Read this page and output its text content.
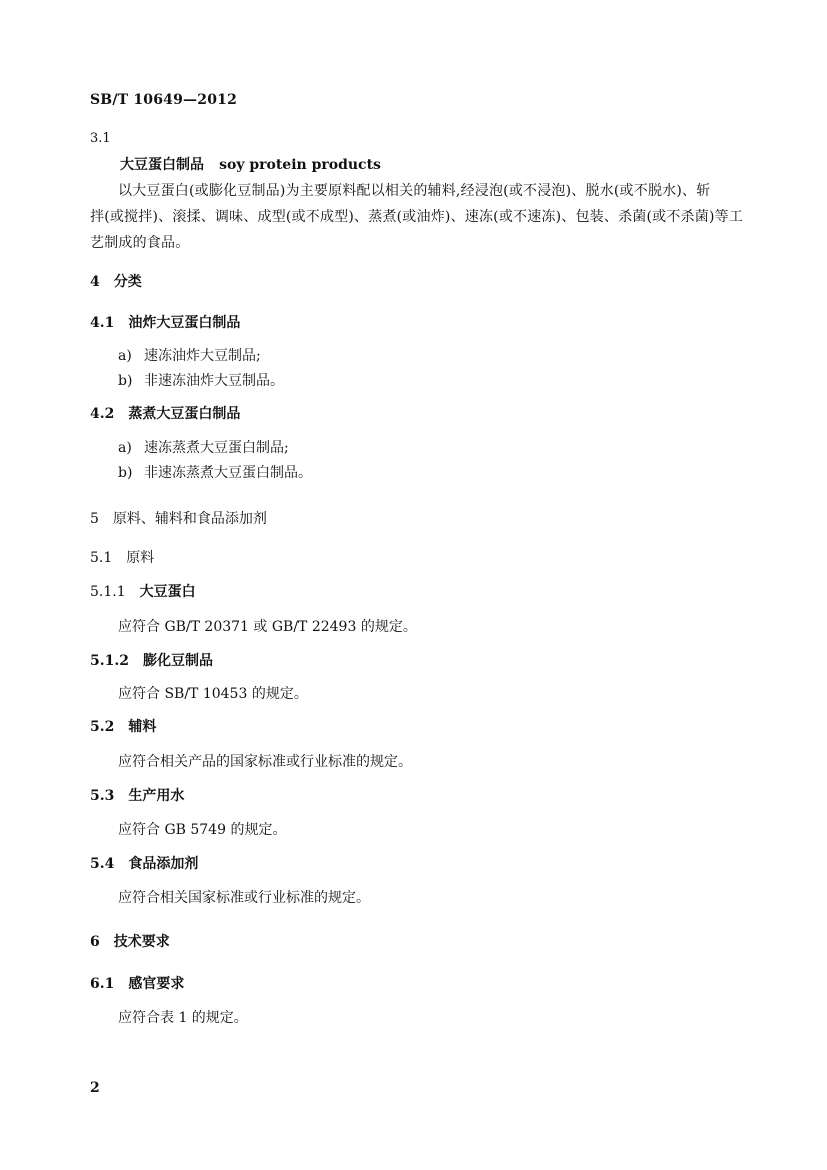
SB/T 10649—2012
3.1
大豆蛋白制品 soy protein products
以大豆蛋白(或膨化豆制品)为主要原料配以相关的辅料,经浸泡(或不浸泡)、脱水(或不脱水)、斩
拌(或搅拌)、滚揉、调味、成型(或不成型)、蒸煮(或油炸)、速冻(或不速冻)、包装、杀菌(或不杀菌)等工
艺制成的食品。
4 分类
4.1 油炸大豆蛋白制品
a) 速冻油炸大豆制品;
b) 非速冻油炸大豆制品。
4.2 蒸煮大豆蛋白制品
a) 速冻蒸煮大豆蛋白制品;
b) 非速冻蒸煮大豆蛋白制品。
5 原料、辅料和食品添加剂
5.1 原料
5.1.1 大豆蛋白
应符合 GB/T 20371 或 GB/T 22493 的规定。
5.1.2 膨化豆制品
应符合 SB/T 10453 的规定。
5.2 辅料
应符合相关产品的国家标准或行业标准的规定。
5.3 生产用水
应符合 GB 5749 的规定。
5.4 食品添加剂
应符合相关国家标准或行业标准的规定。
6 技术要求
6.1 感官要求
应符合表 1 的规定。
2
